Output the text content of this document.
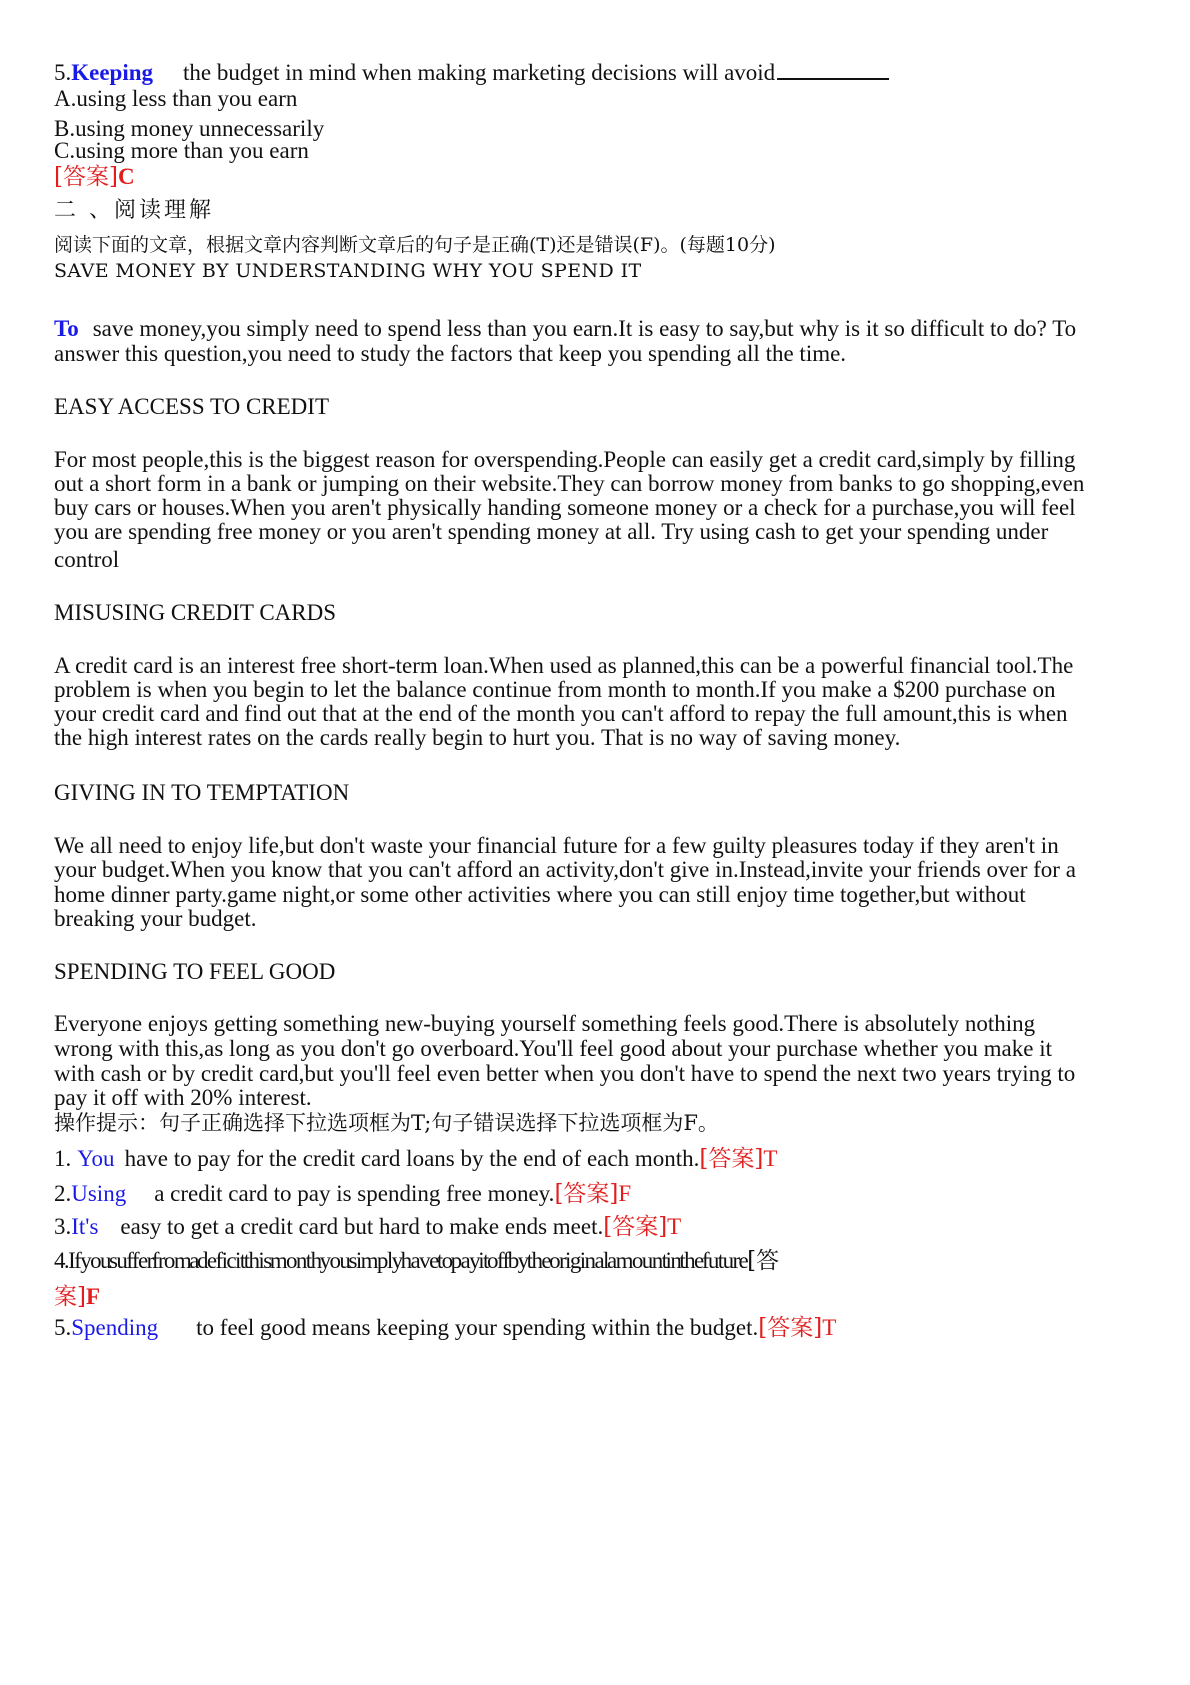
5.Keeping the budget in mind when making marketing decisions will avoid
A.using less than you earn
B.using money unnecessarily
C.using more than you earn
[答案]C
二 、阅读理解
阅读下面的文章，根据文章内容判断文章后的句子是正确(T)还是错误(F)。(每题10分)
SAVE MONEY BY UNDERSTANDING WHY YOU SPEND IT
To save money,you simply need to spend less than you earn.It is easy to say,but why is it so difficult to do? To
answer this question,you need to study the factors that keep you spending all the time.
EASY ACCESS TO CREDIT
For most people,this is the biggest reason for overspending.People can easily get a credit card,simply by filling
out a short form in a bank or jumping on their website.They can borrow money from banks to go shopping,even
buy cars or houses.When you aren't physically handing someone money or a check for a purchase,you will feel
you are spending free money or you aren't spending money at all. Try using cash to get your spending under
control
MISUSING CREDIT CARDS
A credit card is an interest free short-term loan.When used as planned,this can be a powerful financial tool.The
problem is when you begin to let the balance continue from month to month.If you make a $200 purchase on
your credit card and find out that at the end of the month you can't afford to repay the full amount,this is when
the high interest rates on the cards really begin to hurt you. That is no way of saving money.
GIVING IN TO TEMPTATION
We all need to enjoy life,but don't waste your financial future for a few guilty pleasures today if they aren't in
your budget.When you know that you can't afford an activity,don't give in.Instead,invite your friends over for a
home dinner party.game night,or some other activities where you can still enjoy time together,but without
breaking your budget.
SPENDING TO FEEL GOOD
Everyone enjoys getting something new-buying yourself something feels good.There is absolutely nothing
wrong with this,as long as you don't go overboard.You'll feel good about your purchase whether you make it
with cash or by credit card,but you'll feel even better when you don't have to spend the next two years trying to
pay it off with 20% interest.
操作提示：句子正确选择下拉选项框为T;句子错误选择下拉选项框为F。
1. You have to pay for the credit card loans by the end of each month.[答案]T
2.Using a credit card to pay is spending free money.[答案]F
3.It's easy to get a credit card but hard to make ends meet.[答案]T
4.Ifyou suffer from a deficit this month you simply have to pay it off by the original amount in the future[答
案]F
5.Spending to feel good means keeping your spending within the budget.[答案]T
